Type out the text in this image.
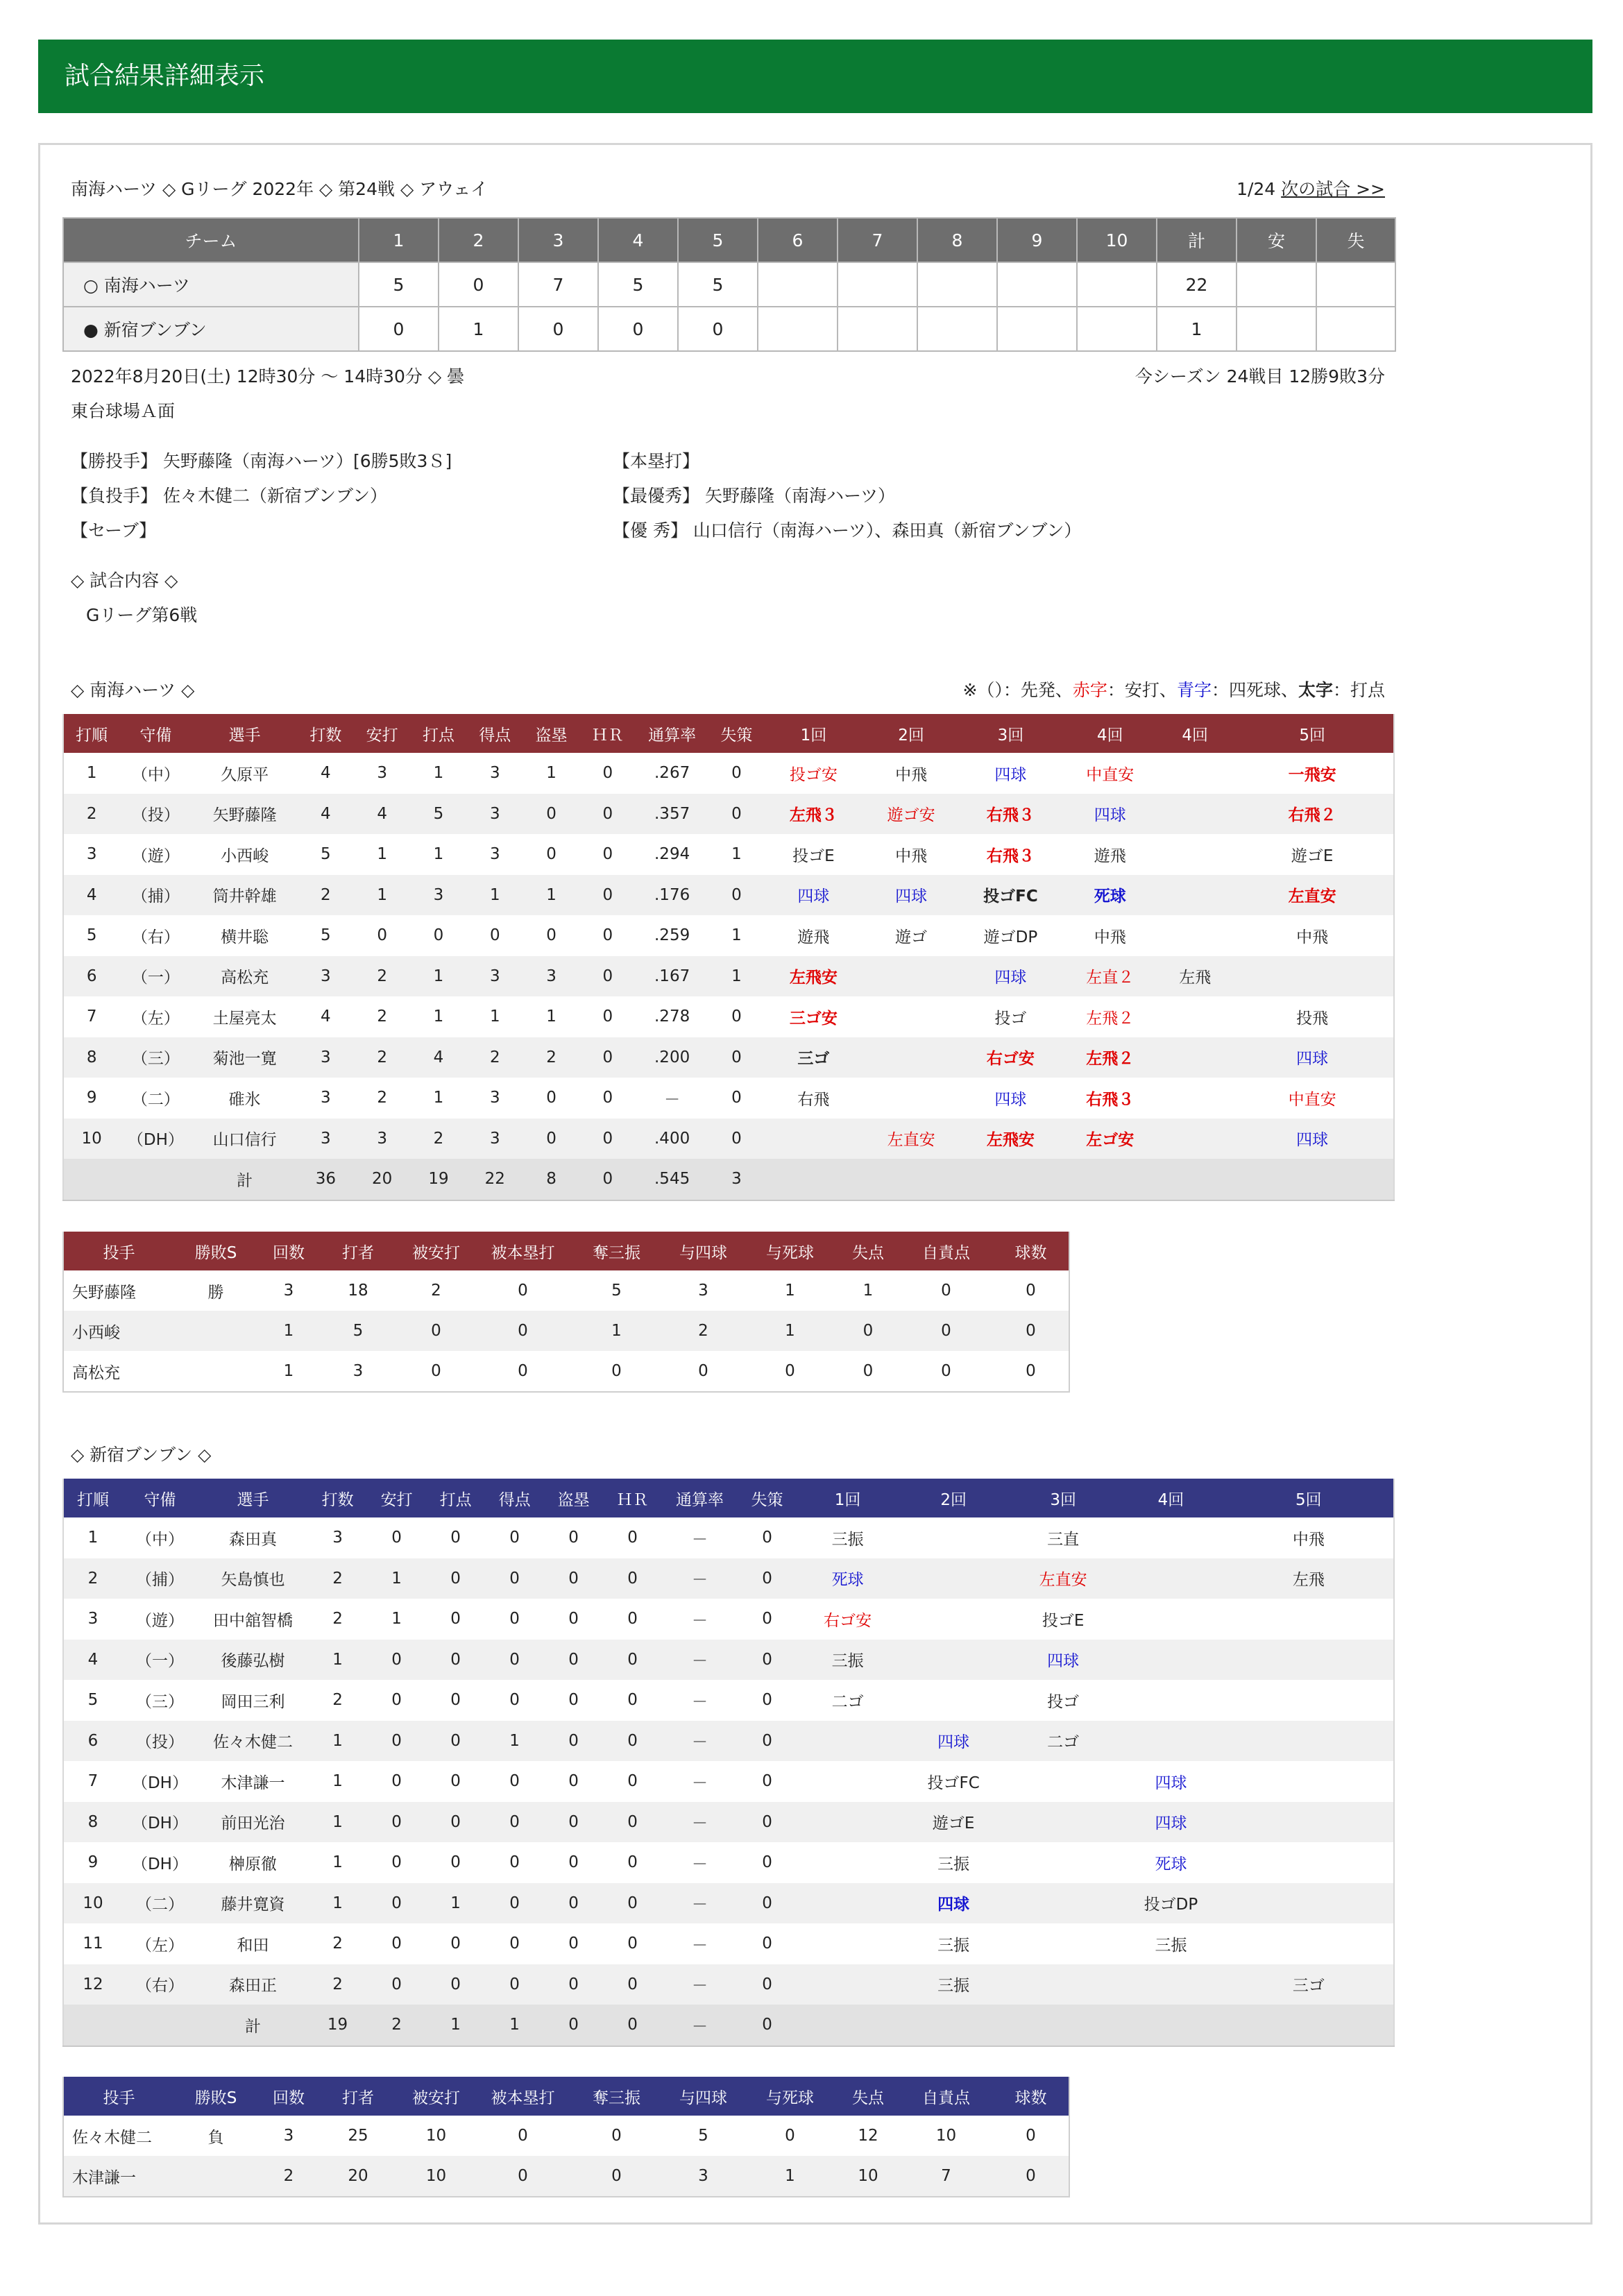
試合結果詳細表示
南海ハーツ ◇ Gリーグ 2022年 ◇ 第24戦 ◇ アウェイ	1/24 次の試合 >>
チーム	1	2	3	4	5	6	7	8	9	10	計	安	失
○ 南海ハーツ	5	0	7	5	5						22		
● 新宿ブンブン	0	1	0	0	0						1		
2022年8月20日(土) 12時30分 ～ 14時30分 ◇ 曇	今シーズン 24戦目 12勝9敗3分
東台球場Ａ面
【勝投手】 矢野藤隆（南海ハーツ）[6勝5敗3Ｓ]
【負投手】 佐々木健二（新宿ブンブン）
【セーブ】
【本塁打】
【最優秀】 矢野藤隆（南海ハーツ）
【優 秀】 山口信行（南海ハーツ）、森田真（新宿ブンブン）
◇ 試合内容 ◇
Gリーグ第6戦
◇ 南海ハーツ ◇	※（）：先発、赤字：安打、青字：四死球、太字：打点
打順	守備	選手	打数	安打	打点	得点	盗塁	ＨＲ	通算率	失策	1回	2回	3回	4回	4回	5回
1	（中）	久原平	4	3	1	3	1	0	.267	0	投ゴ安	中飛	四球	中直安		一飛安
2	（投）	矢野藤隆	4	4	5	3	0	0	.357	0	左飛３	遊ゴ安	右飛３	四球		右飛２
3	（遊）	小西峻	5	1	1	3	0	0	.294	1	投ゴE	中飛	右飛３	遊飛		遊ゴE
4	（捕）	筒井幹雄	2	1	3	1	1	0	.176	0	四球	四球	投ゴFC	死球		左直安
5	（右）	横井聡	5	0	0	0	0	0	.259	1	遊飛	遊ゴ	遊ゴDP	中飛		中飛
6	（一）	高松充	3	2	1	3	3	0	.167	1	左飛安		四球	左直２	左飛	
7	（左）	土屋亮太	4	2	1	1	1	0	.278	0	三ゴ安		投ゴ	左飛２		投飛
8	（三）	菊池一寛	3	2	4	2	2	0	.200	0	三ゴ		右ゴ安	左飛２		四球
9	（二）	碓氷	3	2	1	3	0	0	－	0	右飛		四球	右飛３		中直安
10	（DH）	山口信行	3	3	2	3	0	0	.400	0		左直安	左飛安	左ゴ安		四球
		計	36	20	19	22	8	0	.545	3						
投手	勝敗S	回数	打者	被安打	被本塁打	奪三振	与四球	与死球	失点	自責点	球数
矢野藤隆	勝	3	18	2	0	5	3	1	1	0	0
小西峻		1	5	0	0	1	2	1	0	0	0
高松充		1	3	0	0	0	0	0	0	0	0
◇ 新宿ブンブン ◇
打順	守備	選手	打数	安打	打点	得点	盗塁	ＨＲ	通算率	失策	1回	2回	3回	4回	5回
1	（中）	森田真	3	0	0	0	0	0	－	0	三振		三直		中飛
2	（捕）	矢島慎也	2	1	0	0	0	0	－	0	死球		左直安		左飛
3	（遊）	田中舘智橋	2	1	0	0	0	0	－	0	右ゴ安		投ゴE		
4	（一）	後藤弘樹	1	0	0	0	0	0	－	0	三振		四球		
5	（三）	岡田三利	2	0	0	0	0	0	－	0	二ゴ		投ゴ		
6	（投）	佐々木健二	1	0	0	1	0	0	－	0		四球	二ゴ		
7	（DH）	木津謙一	1	0	0	0	0	0	－	0		投ゴFC		四球	
8	（DH）	前田光治	1	0	0	0	0	0	－	0		遊ゴE		四球	
9	（DH）	榊原徹	1	0	0	0	0	0	－	0		三振		死球	
10	（二）	藤井寛資	1	0	1	0	0	0	－	0		四球		投ゴDP	
11	（左）	和田	2	0	0	0	0	0	－	0		三振		三振	
12	（右）	森田正	2	0	0	0	0	0	－	0		三振			三ゴ
		計	19	2	1	1	0	0	－	0					
投手	勝敗S	回数	打者	被安打	被本塁打	奪三振	与四球	与死球	失点	自責点	球数
佐々木健二	負	3	25	10	0	0	5	0	12	10	0
木津謙一		2	20	10	0	0	3	1	10	7	0
